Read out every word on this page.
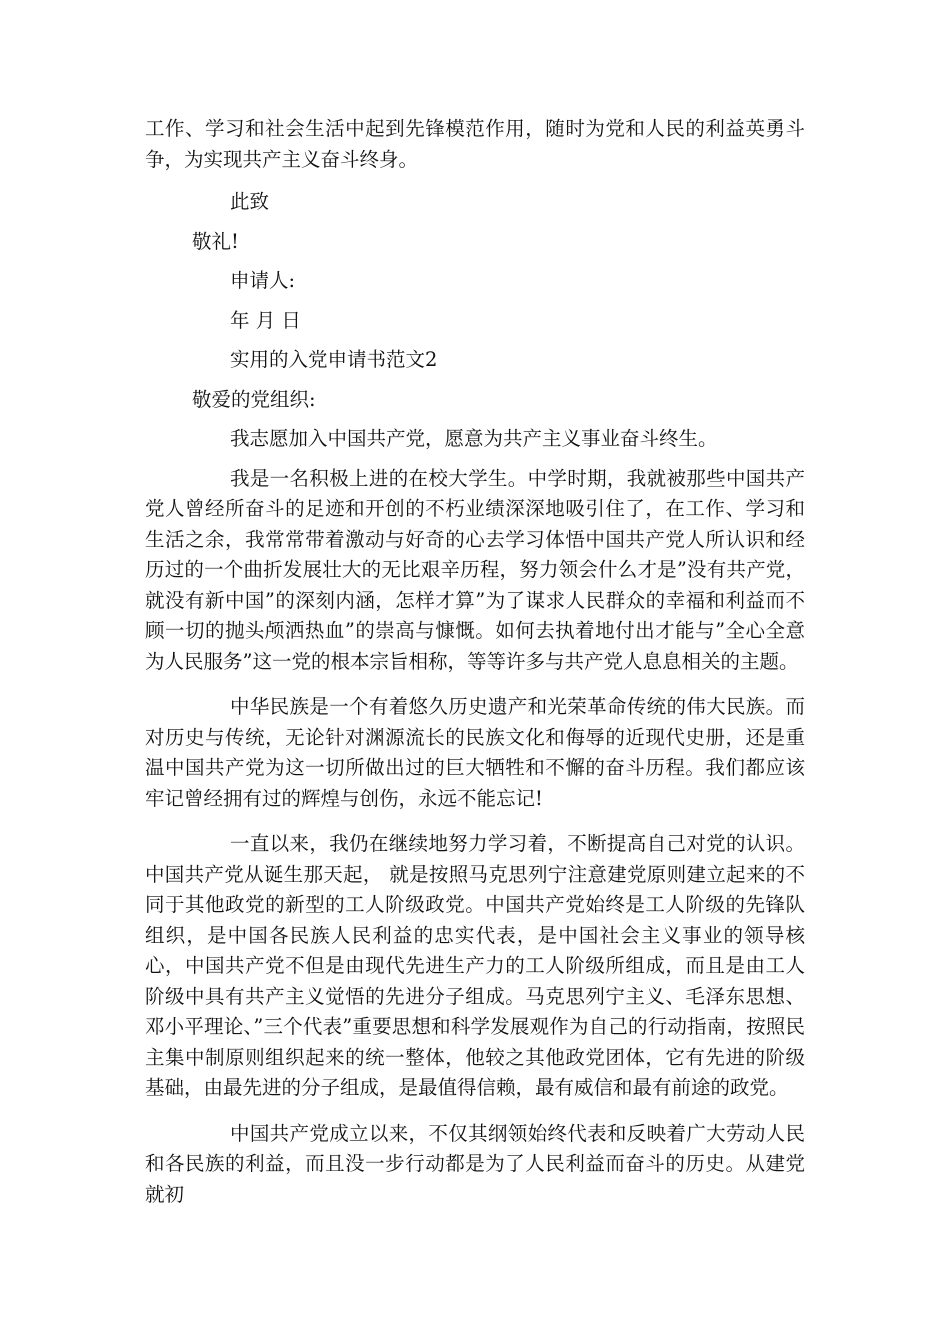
工作、学习和社会生活中起到先锋模范作用，随时为党和人民的利益英勇斗争，为实现共产主义奋斗终身。

此致

敬礼!

申请人:

年 月 日

实用的入党申请书范文2

敬爱的党组织:

我志愿加入中国共产党，愿意为共产主义事业奋斗终生。

我是一名积极上进的在校大学生。中学时期，我就被那些中国共产党人曾经所奋斗的足迹和开创的不朽业绩深深地吸引住了，在工作、学习和生活之余，我常常带着激动与好奇的心去学习体悟中国共产党人所认识和经历过的一个曲折发展壮大的无比艰辛历程，努力领会什么才是”没有共产党，就没有新中国”的深刻内涵，怎样才算”为了谋求人民群众的幸福和利益而不顾一切的抛头颅洒热血”的崇高与慷慨。如何去执着地付出才能与”全心全意为人民服务”这一党的根本宗旨相称，等等许多与共产党人息息相关的主题。

中华民族是一个有着悠久历史遗产和光荣革命传统的伟大民族。而对历史与传统，无论针对渊源流长的民族文化和侮辱的近现代史册，还是重温中国共产党为这一切所做出过的巨大牺牲和不懈的奋斗历程。我们都应该牢记曾经拥有过的辉煌与创伤，永远不能忘记!

一直以来，我仍在继续地努力学习着，不断提高自己对党的认识。中国共产党从诞生那天起， 就是按照马克思列宁注意建党原则建立起来的不同于其他政党的新型的工人阶级政党。中国共产党始终是工人阶级的先锋队组织，是中国各民族人民利益的忠实代表，是中国社会主义事业的领导核心，中国共产党不但是由现代先进生产力的工人阶级所组成，而且是由工人阶级中具有共产主义觉悟的先进分子组成。马克思列宁主义、毛泽东思想、邓小平理论、”三个代表”重要思想和科学发展观作为自己的行动指南，按照民主集中制原则组织起来的统一整体，他较之其他政党团体，它有先进的阶级基础，由最先进的分子组成，是最值得信赖，最有威信和最有前途的政党。

中国共产党成立以来，不仅其纲领始终代表和反映着广大劳动人民和各民族的利益，而且没一步行动都是为了人民利益而奋斗的历史。从建党就初
